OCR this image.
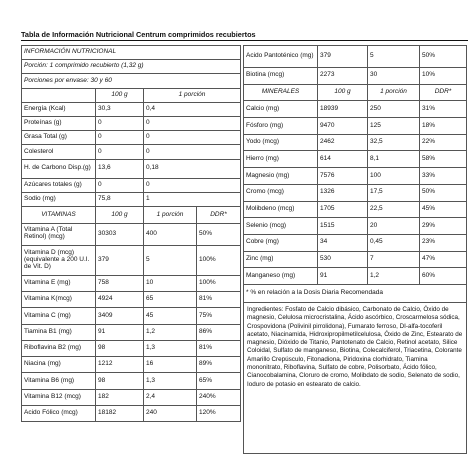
Tabla de Información Nutricional Centrum comprimidos recubiertos
INFORMACIÓN NUTRICIONAL			
Porción: 1 comprimido recubierto (1,32 g)			
Porciones por envase: 30 y 60			
	100 g	1 porción	
Energía (Kcal)	30,3	0,4	
Proteínas (g)	0	0	
Grasa Total (g)	0	0	
Colesterol	0	0	
H. de Carbono Disp.(g)	13,6	0,18	
Azúcares totales (g)	0	0	
Sodio (mg)	75,8	1	
VITAMINAS	100 g	1 porción	DDR*
Vitamina A (Total Retinol) (mcg)	30303	400	50%
Vitamina D (mcg) (equivalente a 200 U.I. de Vit. D)	379	5	100%
Vitamina E (mg)	758	10	100%
Vitamina K(mcg)	4924	65	81%
Vitamina C (mg)	3409	45	75%
Tiamina B1 (mg)	91	1,2	86%
Riboflavina B2 (mg)	98	1,3	81%
Niacina (mg)	1212	16	89%
Vitamina B6 (mg)	98	1,3	65%
Vitamina B12 (mcg)	182	2,4	240%
Acido Fólico (mcg)	18182	240	120%
Acido Pantoténico (mg)	379	5	50%
Biotina (mcg)	2273	30	10%
MINERALES	100 g	1 porción	DDR*
Calcio (mg)	18939	250	31%
Fósforo (mg)	9470	125	18%
Yodo (mcg)	2462	32,5	22%
Hierro (mg)	614	8,1	58%
Magnesio (mg)	7576	100	33%
Cromo (mcg)	1326	17,5	50%
Molibdeno (mcg)	1705	22,5	45%
Selenio (mcg)	1515	20	29%
Cobre (mg)	34	0,45	23%
Zinc (mg)	530	7	47%
Manganeso (mg)	91	1,2	60%
* % en relación a la Dosis Diaria Recomendada			
Ingredientes: Fosfato de Calcio dibásico, Carbonato de Calcio, Óxido de magnesio, Celulosa microcristalina, Ácido ascórbico, Croscarmelosa sódica, Crospovidona (Polivinil pirrolidona), Fumarato ferroso, DI-alfa-tocoferil acetato, Niacinamida, Hidroxipropilmetilcelulosa, Óxido de Zinc, Estearato de magnesio, Dióxido de Titanio, Pantotenato de Calcio, Retinol acetato, Silice Coloidal, Sulfato de manganeso, Biotina, Colecalciferol, Triacetina, Colorante Amarillo Crepúsculo, Fitonadiona, Piridoxina clorhidrato, Tiamina mononitrato, Riboflavina, Sulfato de cobre, Polisorbato, Ácido fólico, Cianocobalamina, Cloruro de cromo, Molibdato de sodio, Selenato de sodio, Ioduro de potasio en estearato de calcio.			
